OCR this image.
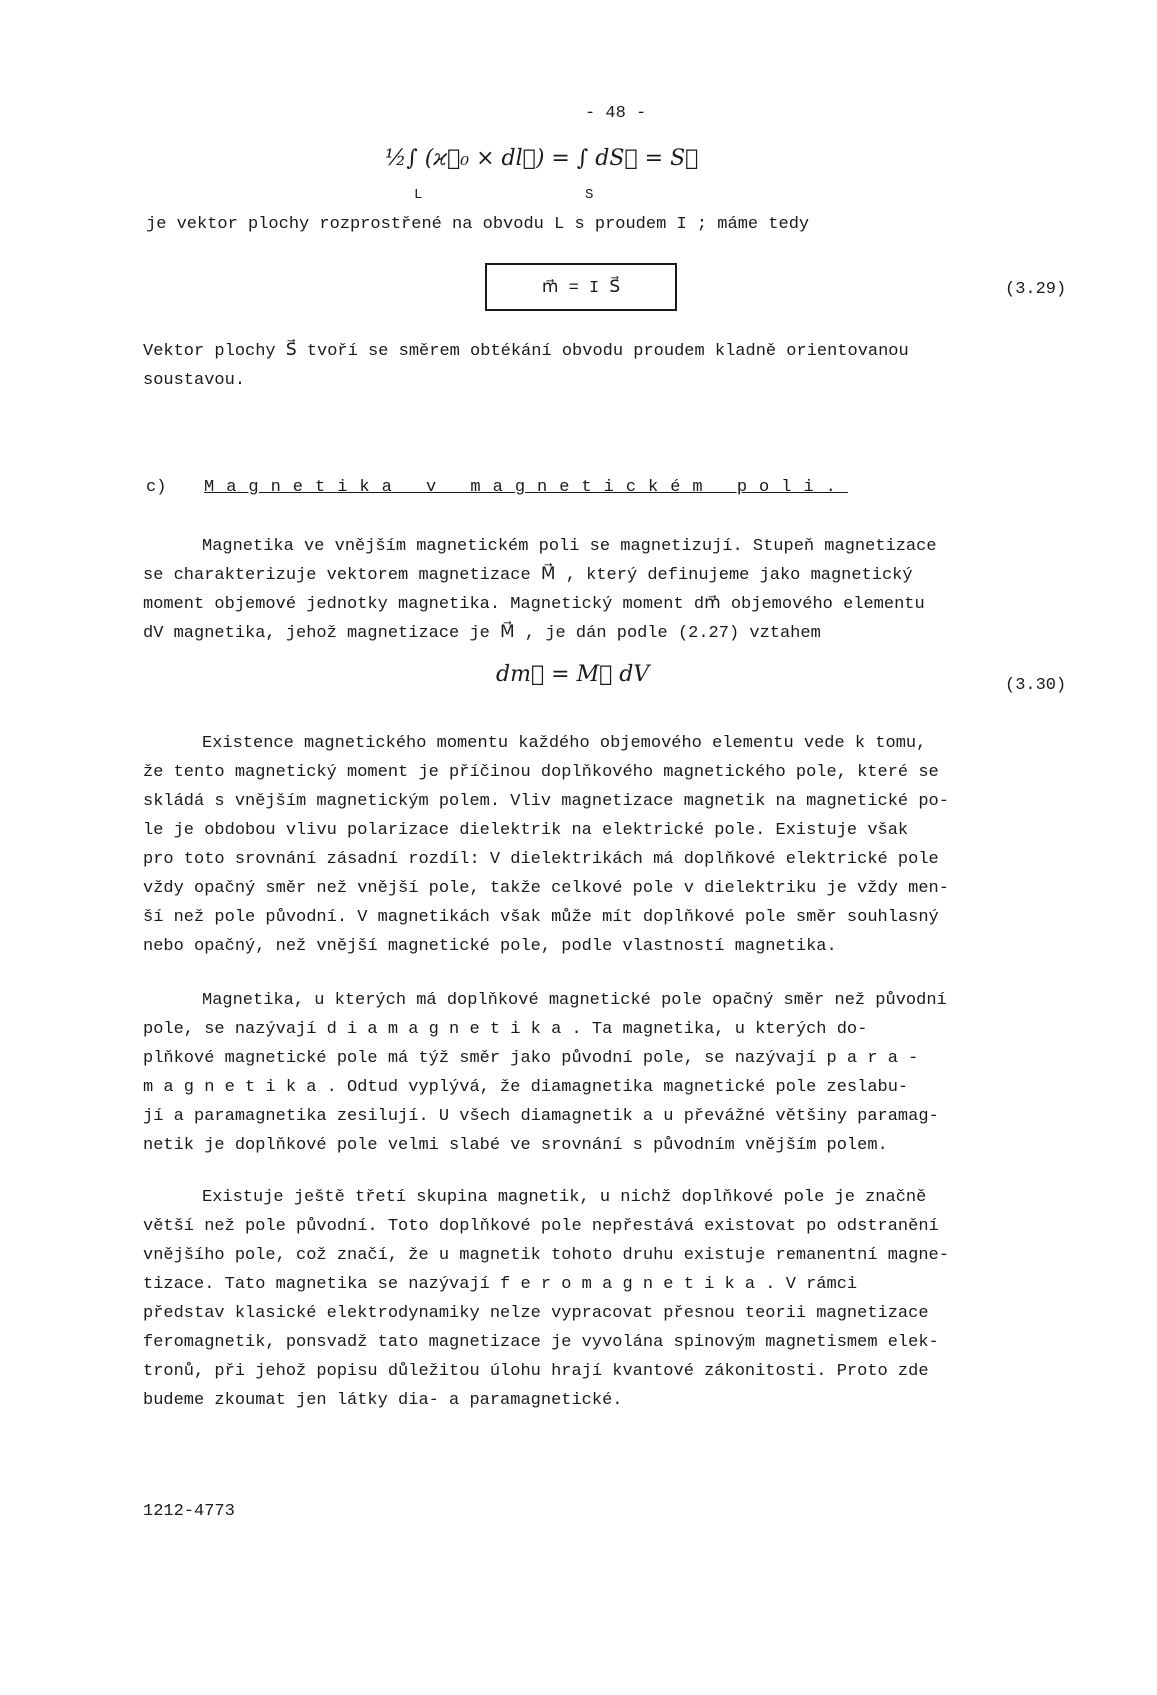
- 48 -
½∫ (ϰ⃗₀ × dl⃗) = ∫ dS⃗ = S⃗
L	S
je vektor plochy rozprostřené na obvodu L s proudem I ; máme tedy
m⃗ = I S⃗	(3.29)
Vektor plochy S⃗ tvoří se směrem obtékání obvodu proudem kladně orientovanou
soustavou.
c) Magnetika v magnetickém poli.
Magnetika ve vnějším magnetickém poli se magnetizují. Stupeň magnetizace
se charakterizuje vektorem magnetizace M⃗ , který definujeme jako magnetický
moment objemové jednotky magnetika. Magnetický moment dm⃗ objemového elementu
dV magnetika, jehož magnetizace je M⃗ , je dán podle (2.27) vztahem
dm⃗ = M⃗ dV	(3.30)
Existence magnetického momentu každého objemového elementu vede k tomu,
že tento magnetický moment je příčinou doplňkového magnetického pole, které se
skládá s vnějším magnetickým polem. Vliv magnetizace magnetik na magnetické po-
le je obdobou vlivu polarizace dielektrik na elektrické pole. Existuje však
pro toto srovnání zásadní rozdíl: V dielektrikách má doplňkové elektrické pole
vždy opačný směr než vnější pole, takže celkové pole v dielektriku je vždy men-
ší než pole původní. V magnetikách však může mít doplňkové pole směr souhlasný
nebo opačný, než vnější magnetické pole, podle vlastností magnetika.
Magnetika, u kterých má doplňkové magnetické pole opačný směr než původní
pole, se nazývají d i a m a g n e t i k a . Ta magnetika, u kterých do-
plňkové magnetické pole má týž směr jako původní pole, se nazývají p a r a -
m a g n e t i k a . Odtud vyplývá, že diamagnetika magnetické pole zeslabu-
jí a paramagnetika zesilují. U všech diamagnetik a u převážné většiny paramag-
netik je doplňkové pole velmi slabé ve srovnání s původním vnějším polem.
Existuje ještě třetí skupina magnetik, u nichž doplňkové pole je značně
větší než pole původní. Toto doplňkové pole nepřestává existovat po odstranění
vnějšího pole, což značí, že u magnetik tohoto druhu existuje remanentní magne-
tizace. Tato magnetika se nazývají f e r o m a g n e t i k a . V rámci
představ klasické elektrodynamiky nelze vypracovat přesnou teorii magnetizace
feromagnetik, ponsvadž tato magnetizace je vyvolána spinovým magnetismem elek-
tronů, při jehož popisu důležitou úlohu hrají kvantové zákonitosti. Proto zde
budeme zkoumat jen látky dia- a paramagnetické.
1212-4773
